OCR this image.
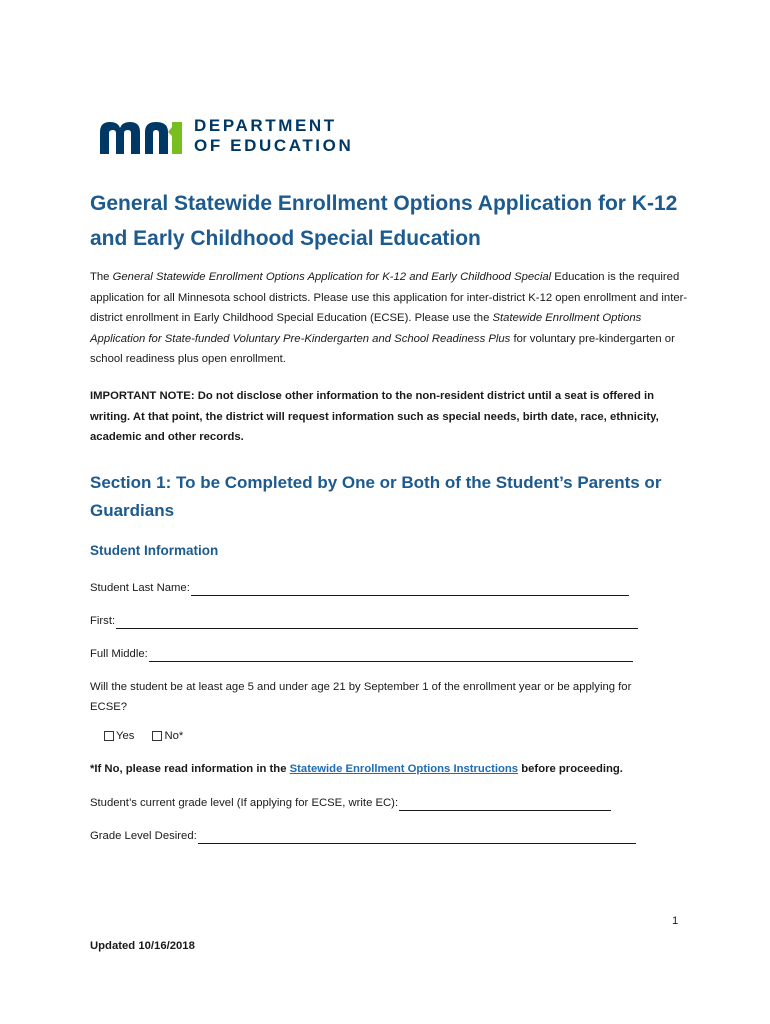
DEPARTMENT
OF EDUCATION
General Statewide Enrollment Options Application for K-12 and Early Childhood Special Education

The General Statewide Enrollment Options Application for K-12 and Early Childhood Special Education is the required application for all Minnesota school districts. Please use this application for inter-district K-12 open enrollment and inter-district enrollment in Early Childhood Special Education (ECSE). Please use the Statewide Enrollment Options Application for State-funded Voluntary Pre-Kindergarten and School Readiness Plus for voluntary pre-kindergarten or school readiness plus open enrollment.

IMPORTANT NOTE: Do not disclose other information to the non-resident district until a seat is offered in writing. At that point, the district will request information such as special needs, birth date, race, ethnicity, academic and other records.

Section 1: To be Completed by One or Both of the Student’s Parents or Guardians
Student Information
Student Last Name:
First:
Full Middle:

Will the student be at least age 5 and under age 21 by September 1 of the enrollment year or be applying for ECSE?

Yes	No*
*If No, please read information in the Statewide Enrollment Options Instructions before proceeding.
Student’s current grade level (If applying for ECSE, write EC):
Grade Level Desired:
1
Updated 10/16/2018
